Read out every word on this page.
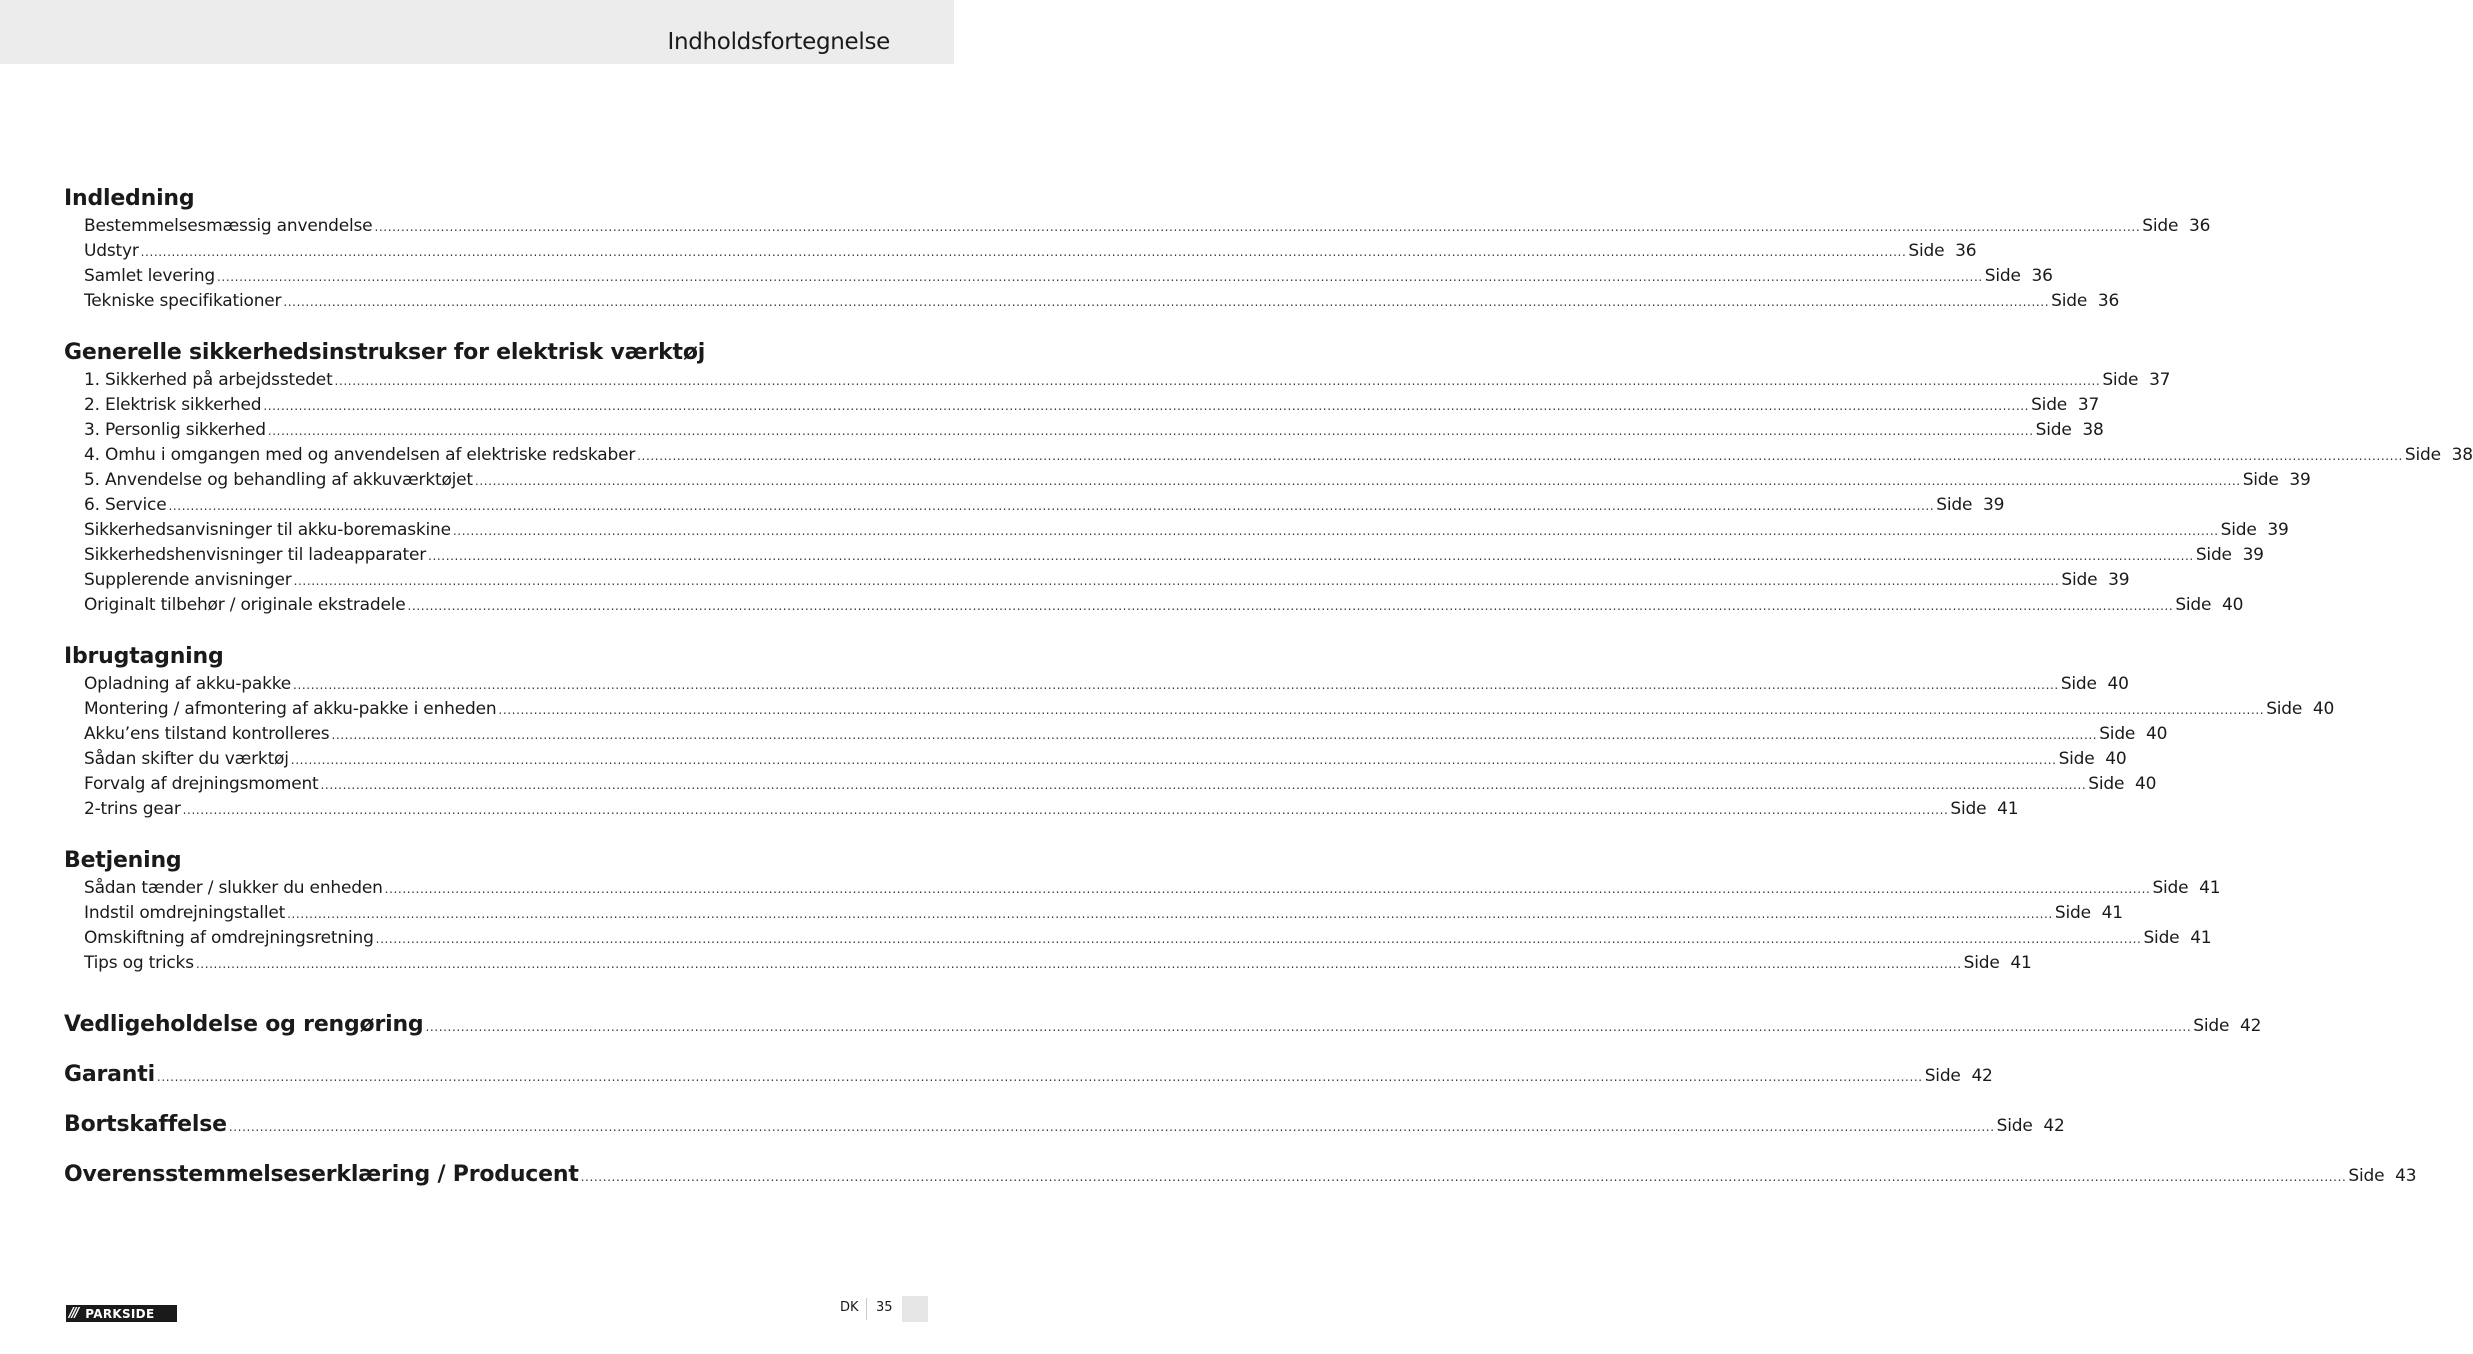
Indholdsfortegnelse
Indledning
Bestemmelsesmæssig anvendelse ................................................................................................................................................................................................................................................................................................................................................................................................................ Side 36
Udstyr ................................................................................................................................................................................................................................................................................................................................................................................................................ Side 36
Samlet levering ................................................................................................................................................................................................................................................................................................................................................................................................................ Side 36
Tekniske specifikationer ................................................................................................................................................................................................................................................................................................................................................................................................................ Side 36
Generelle sikkerhedsinstrukser for elektrisk værktøj
1. Sikkerhed på arbejdsstedet ................................................................................................................................................................................................................................................................................................................................................................................................................ Side 37
2. Elektrisk sikkerhed ................................................................................................................................................................................................................................................................................................................................................................................................................ Side 37
3. Personlig sikkerhed ................................................................................................................................................................................................................................................................................................................................................................................................................ Side 38
4. Omhu i omgangen med og anvendelsen af elektriske redskaber ................................................................................................................................................................................................................................................................................................................................................................................................................ Side 38
5. Anvendelse og behandling af akkuværktøjet ................................................................................................................................................................................................................................................................................................................................................................................................................ Side 39
6. Service ................................................................................................................................................................................................................................................................................................................................................................................................................ Side 39
Sikkerhedsanvisninger til akku-boremaskine ................................................................................................................................................................................................................................................................................................................................................................................................................ Side 39
Sikkerhedshenvisninger til ladeapparater ................................................................................................................................................................................................................................................................................................................................................................................................................ Side 39
Supplerende anvisninger ................................................................................................................................................................................................................................................................................................................................................................................................................ Side 39
Originalt tilbehør / originale ekstradele ................................................................................................................................................................................................................................................................................................................................................................................................................ Side 40
Ibrugtagning
Opladning af akku-pakke ................................................................................................................................................................................................................................................................................................................................................................................................................ Side 40
Montering / afmontering af akku-pakke i enheden ................................................................................................................................................................................................................................................................................................................................................................................................................ Side 40
Akku’ens tilstand kontrolleres ................................................................................................................................................................................................................................................................................................................................................................................................................ Side 40
Sådan skifter du værktøj ................................................................................................................................................................................................................................................................................................................................................................................................................ Side 40
Forvalg af drejningsmoment ................................................................................................................................................................................................................................................................................................................................................................................................................ Side 40
2-trins gear ................................................................................................................................................................................................................................................................................................................................................................................................................ Side 41
Betjening
Sådan tænder / slukker du enheden ................................................................................................................................................................................................................................................................................................................................................................................................................ Side 41
Indstil omdrejningstallet ................................................................................................................................................................................................................................................................................................................................................................................................................ Side 41
Omskiftning af omdrejningsretning ................................................................................................................................................................................................................................................................................................................................................................................................................ Side 41
Tips og tricks ................................................................................................................................................................................................................................................................................................................................................................................................................ Side 41
Vedligeholdelse og rengøring ................................................................................................................................................................................................................................................................................................................................................................................................................ Side 42
Garanti ................................................................................................................................................................................................................................................................................................................................................................................................................ Side 42
Bortskaffelse ................................................................................................................................................................................................................................................................................................................................................................................................................ Side 42
Overensstemmelseserklæring / Producent ................................................................................................................................................................................................................................................................................................................................................................................................................ Side 43
/// PARKSIDE	DK 35
